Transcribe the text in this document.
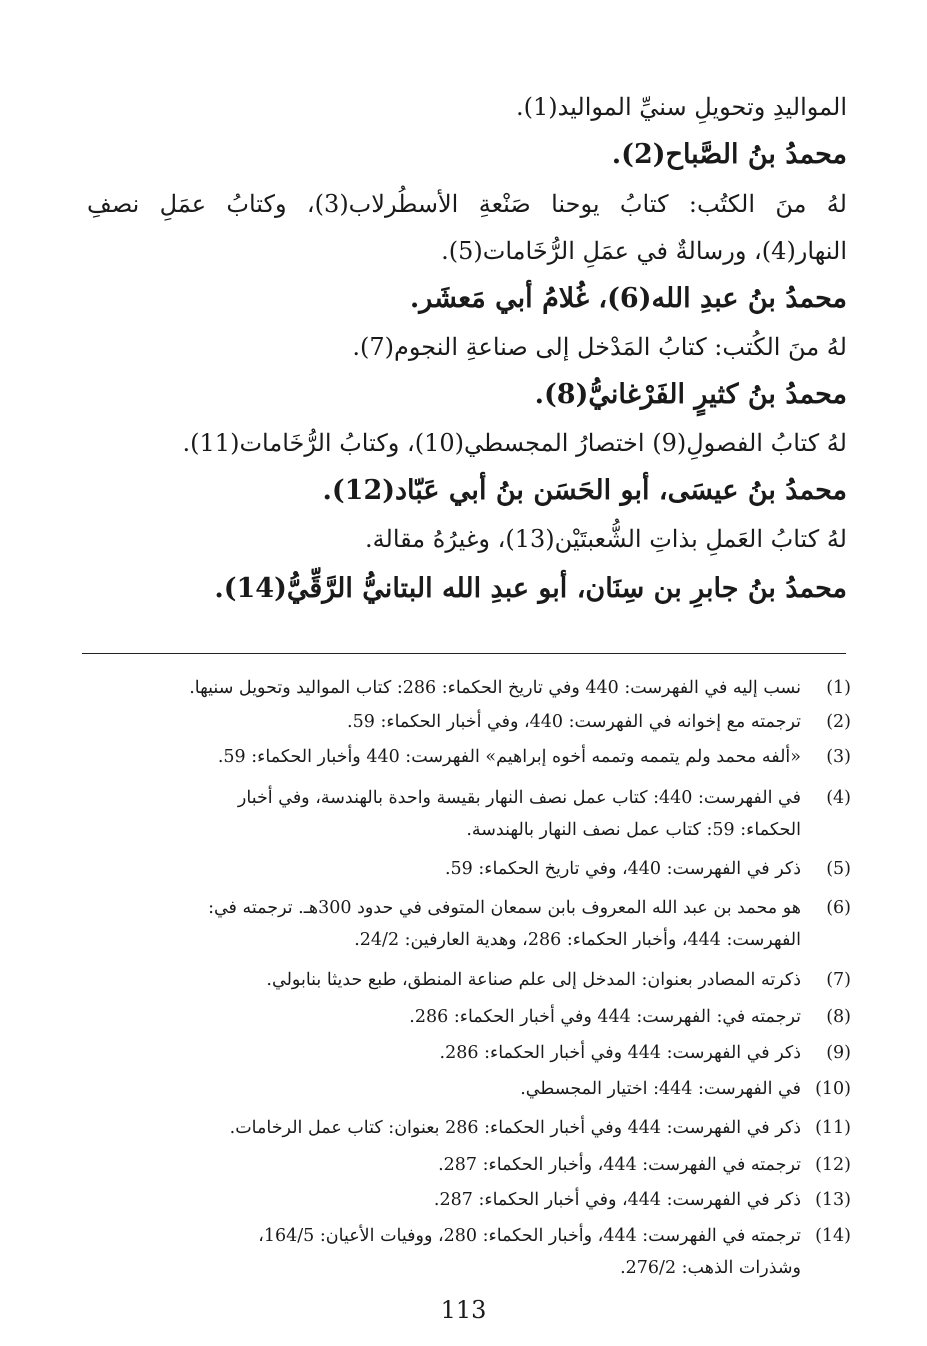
المواليدِ وتحويلِ سنيِّ المواليد(1).
محمدُ بنُ الصَّباح(2).
لهُ منَ الكتُب: كتابُ يوحنا صَنْعةِ الأسطُرلاب(3)، وكتابُ عمَلِ نصفِ
النهار(4)، ورسالةٌ في عمَلِ الرُّخَامات(5).
محمدُ بنُ عبدِ الله(6)، غُلامُ أبي مَعشَر.
لهُ منَ الكُتب: كتابُ المَدْخل إلى صناعةِ النجوم(7).
محمدُ بنُ كثيرٍ الفَرْغانيُّ(8).
لهُ كتابُ الفصولِ(9) اختصارُ المجسطي(10)، وكتابُ الرُّخَامات(11).
محمدُ بنُ عيسَى، أبو الحَسَن بنُ أبي عَبّاد(12).
لهُ كتابُ العَملِ بذاتِ الشُّعبتَيْن(13)، وغيرُهُ مقالة.
محمدُ بنُ جابرِ بن سِنَان، أبو عبدِ الله البتانيُّ الرَّقِّيُّ(14).
(1)
نسب إليه في الفهرست: 440 وفي تاريخ الحكماء: 286: كتاب المواليد وتحويل سنيها.
(2)
ترجمته مع إخوانه في الفهرست: 440، وفي أخبار الحكماء: 59.
(3)
«ألفه محمد ولم يتممه وتممه أخوه إبراهيم» الفهرست: 440 وأخبار الحكماء: 59.
(4)
في الفهرست: 440: كتاب عمل نصف النهار بقيسة واحدة بالهندسة، وفي أخبار
الحكماء: 59: كتاب عمل نصف النهار بالهندسة.
(5)
ذكر في الفهرست: 440، وفي تاريخ الحكماء: 59.
(6)
هو محمد بن عبد الله المعروف بابن سمعان المتوفى في حدود 300هـ. ترجمته في:
الفهرست: 444، وأخبار الحكماء: 286، وهدية العارفين: 24/2.
(7)
ذكرته المصادر بعنوان: المدخل إلى علم صناعة المنطق، طبع حديثا بنابولي.
(8)
ترجمته في: الفهرست: 444 وفي أخبار الحكماء: 286.
(9)
ذكر في الفهرست: 444 وفي أخبار الحكماء: 286.
(10)
في الفهرست: 444: اختيار المجسطي.
(11)
ذكر في الفهرست: 444 وفي أخبار الحكماء: 286 بعنوان: كتاب عمل الرخامات.
(12)
ترجمته في الفهرست: 444، وأخبار الحكماء: 287.
(13)
ذكر في الفهرست: 444، وفي أخبار الحكماء: 287.
(14)
ترجمته في الفهرست: 444، وأخبار الحكماء: 280، ووفيات الأعيان: 164/5،
وشذرات الذهب: 276/2.
113
